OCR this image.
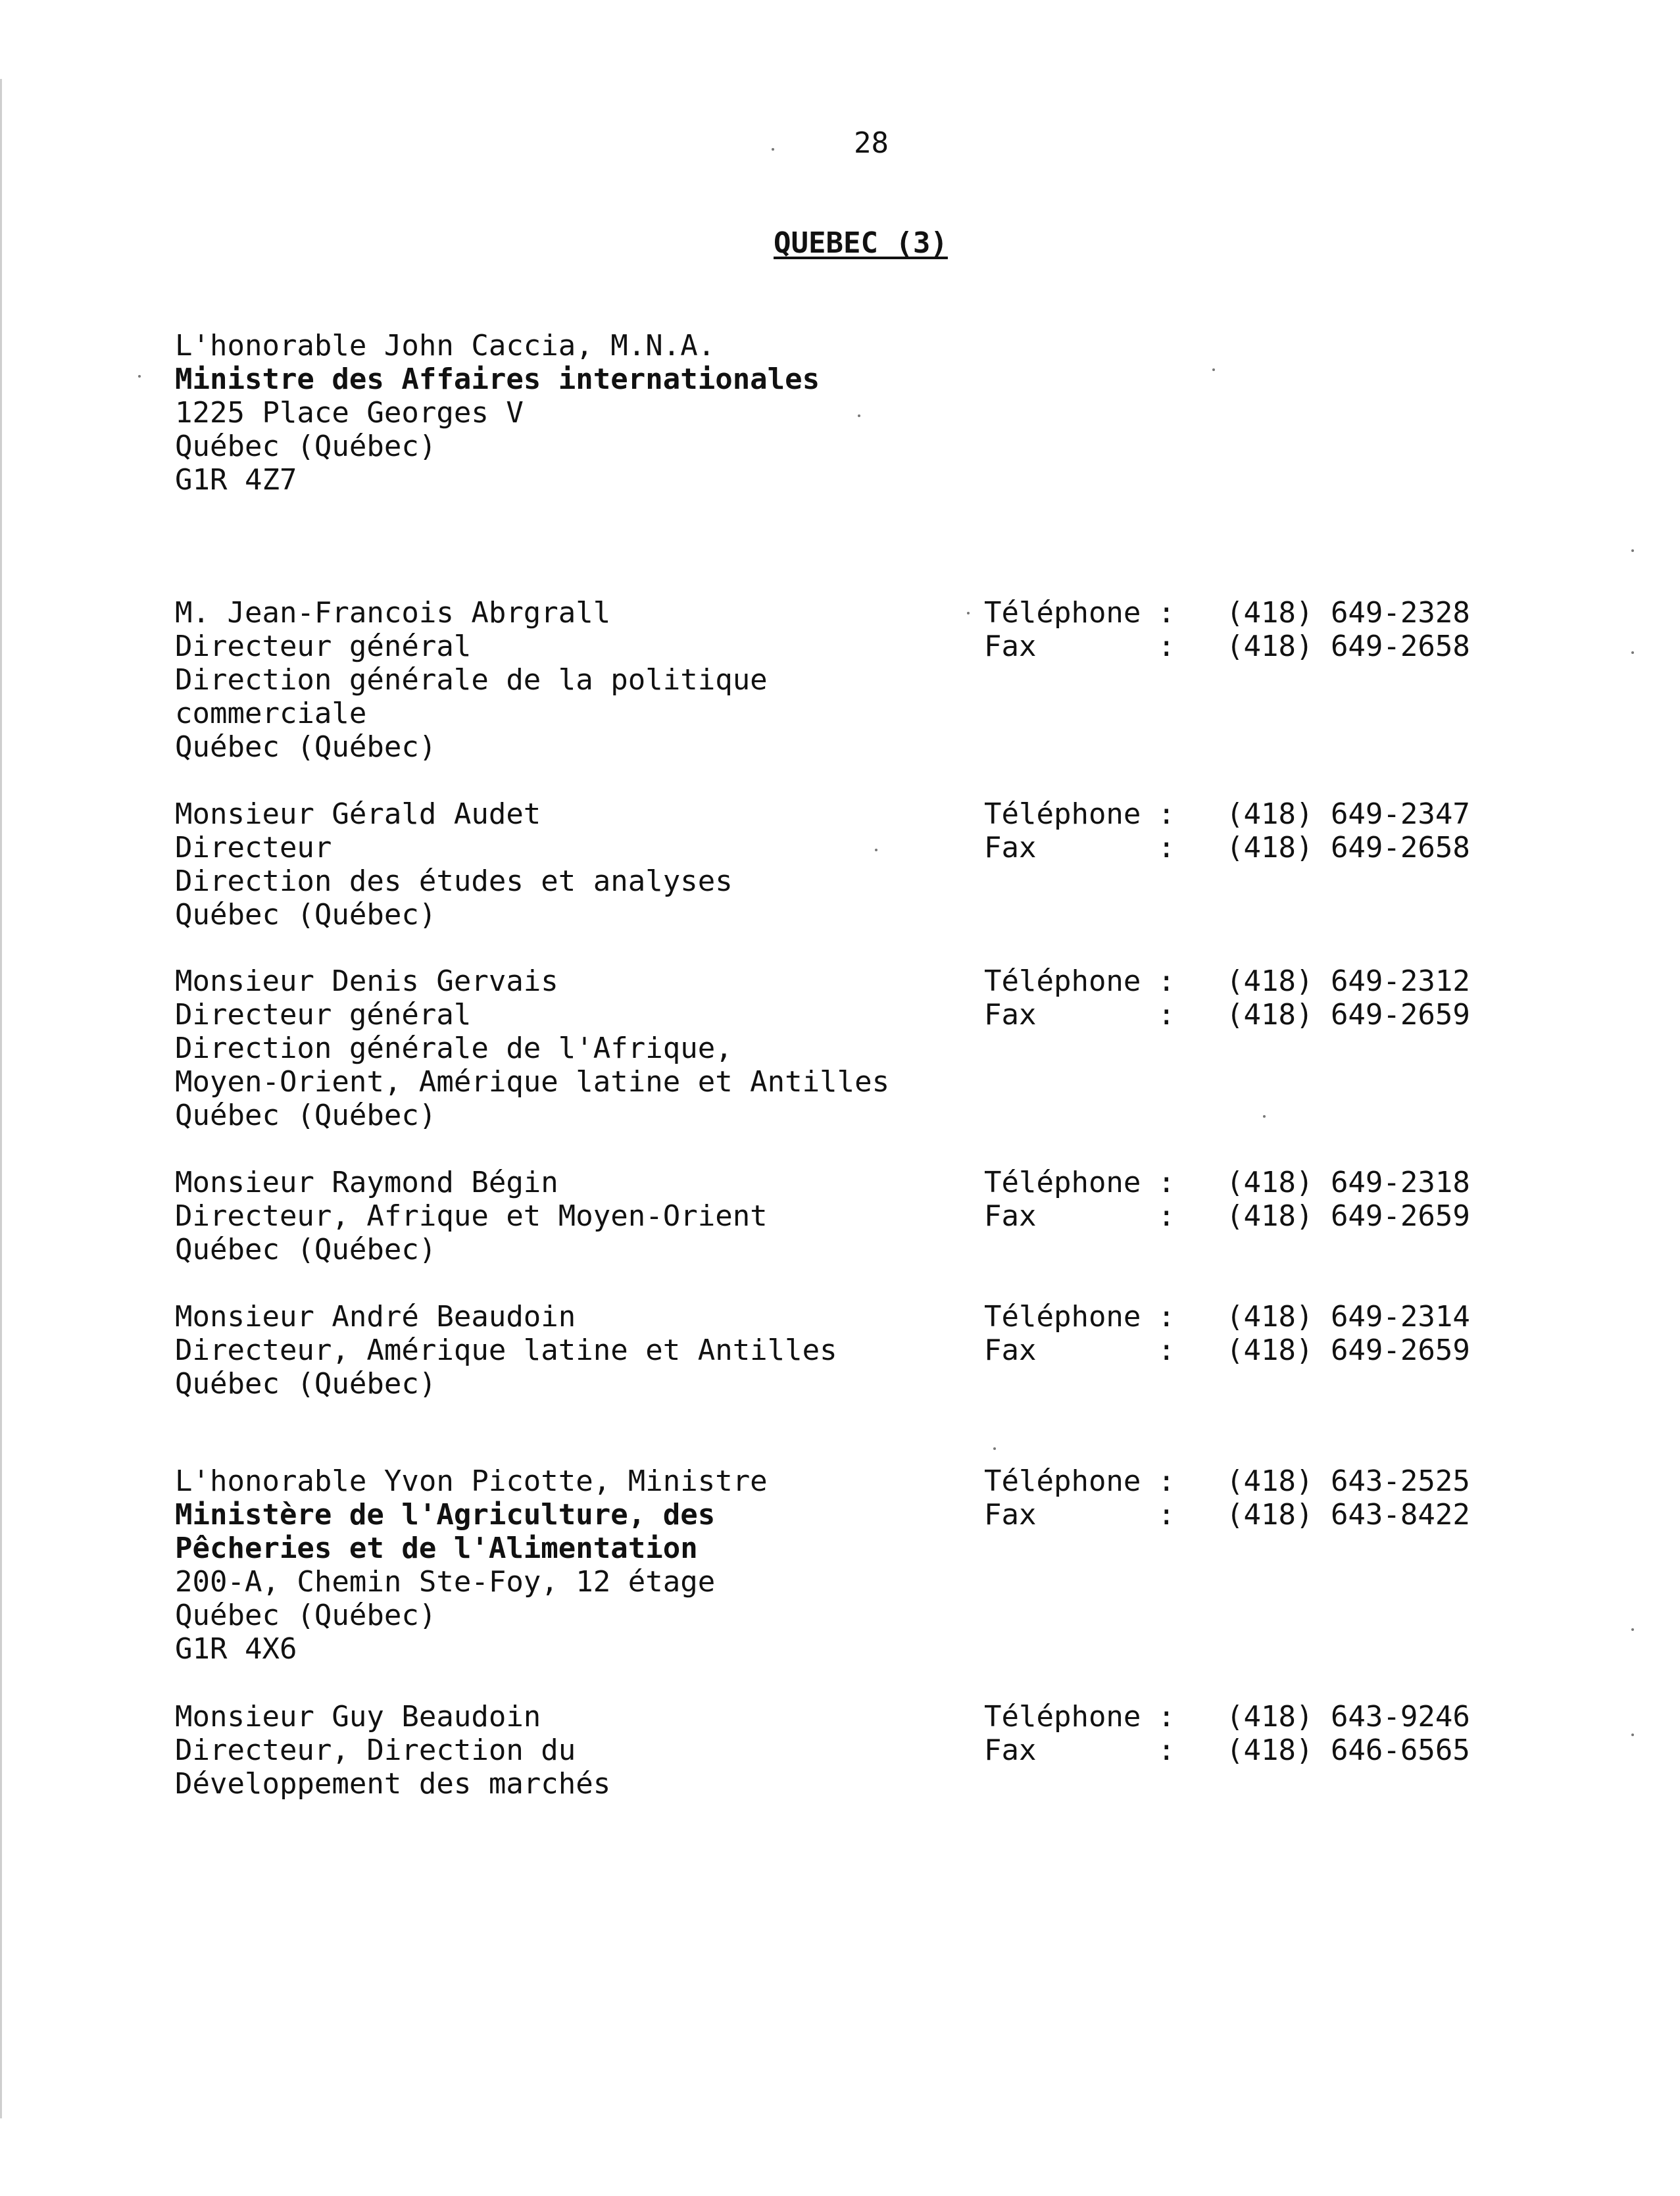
28
QUEBEC (3)
L'honorable John Caccia, M.N.A.
Ministre des Affaires internationales
1225 Place Georges V
Québec (Québec)
G1R 4Z7
M. Jean-Francois Abrgrall
Directeur général
Direction générale de la politique
commerciale
Québec (Québec)
Téléphone : (418) 649-2328
Fax	: (418) 649-2658
Monsieur Gérald Audet
Directeur
Direction des études et analyses
Québec (Québec)
Téléphone : (418) 649-2347
Fax	: (418) 649-2658
Monsieur Denis Gervais
Directeur général
Direction générale de l'Afrique,
Moyen-Orient, Amérique latine et Antilles
Québec (Québec)
Téléphone : (418) 649-2312
Fax	: (418) 649-2659
Monsieur Raymond Bégin
Directeur, Afrique et Moyen-Orient
Québec (Québec)
Téléphone : (418) 649-2318
Fax	: (418) 649-2659
Monsieur André Beaudoin
Directeur, Amérique latine et Antilles
Québec (Québec)
Téléphone : (418) 649-2314
Fax	: (418) 649-2659
L'honorable Yvon Picotte, Ministre
Ministère de l'Agriculture, des
Pêcheries et de l'Alimentation
200-A, Chemin Ste-Foy, 12 étage
Québec (Québec)
G1R 4X6
Téléphone : (418) 643-2525
Fax	: (418) 643-8422
Monsieur Guy Beaudoin
Directeur, Direction du
Développement des marchés
Téléphone : (418) 643-9246
Fax	: (418) 646-6565
